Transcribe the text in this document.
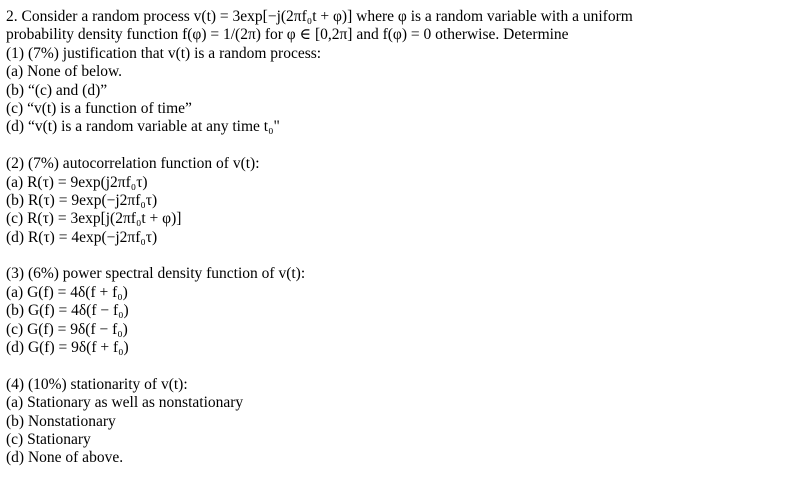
2. Consider a random process v(t) = 3exp[−j(2πf₀t + φ)] where φ is a random variable with a uniform
probability density function f(φ) = 1/(2π) for φ ∈ [0,2π] and f(φ) = 0 otherwise. Determine
(1) (7%) justification that v(t) is a random process:
(a) None of below.
(b) “(c) and (d)”
(c) “v(t) is a function of time”
(d) “v(t) is a random variable at any time t₀"
(2) (7%) autocorrelation function of v(t):
(a) R(τ) = 9exp(j2πf₀τ)
(b) R(τ) = 9exp(−j2πf₀τ)
(c) R(τ) = 3exp[j(2πf₀t + φ)]
(d) R(τ) = 4exp(−j2πf₀τ)
(3) (6%) power spectral density function of v(t):
(a) G(f) = 4δ(f + f₀)
(b) G(f) = 4δ(f − f₀)
(c) G(f) = 9δ(f − f₀)
(d) G(f) = 9δ(f + f₀)
(4) (10%) stationarity of v(t):
(a) Stationary as well as nonstationary
(b) Nonstationary
(c) Stationary
(d) None of above.
